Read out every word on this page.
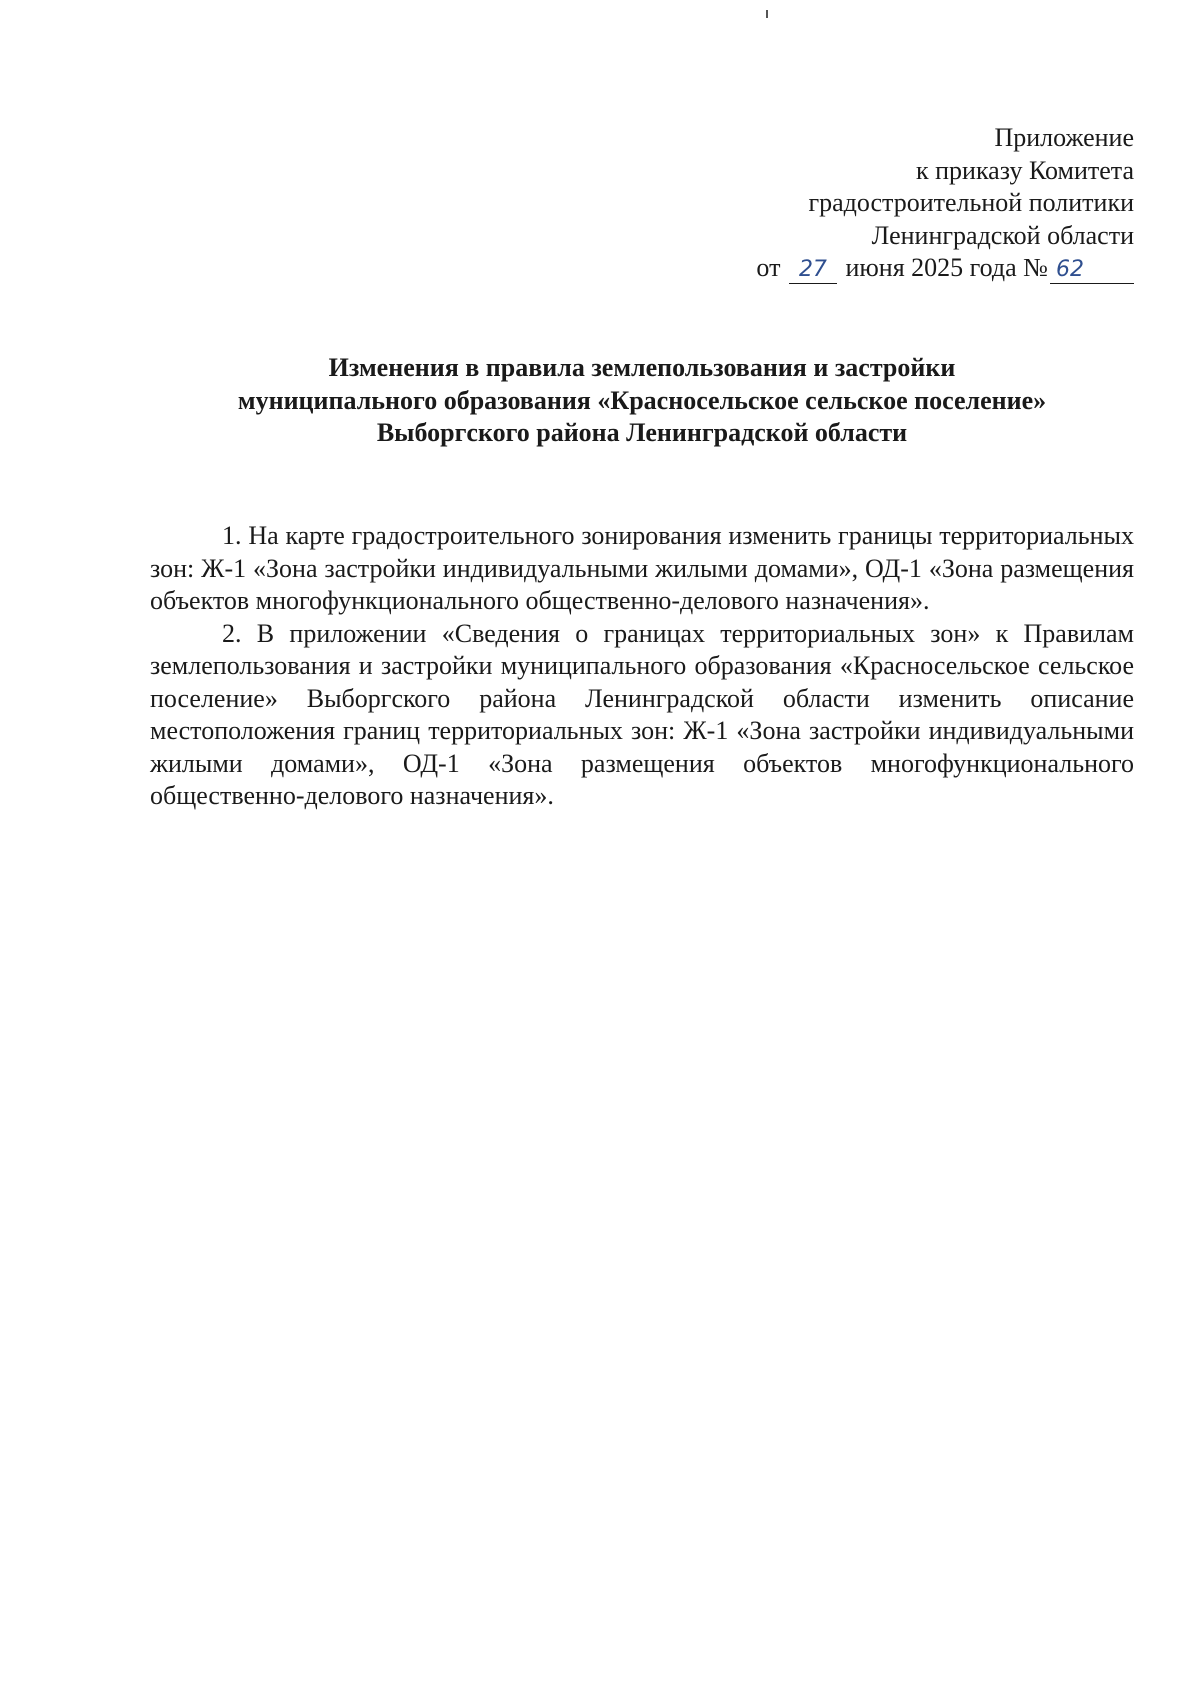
Приложение
к приказу Комитета
градостроительной политики
Ленинградской области
от 27 июня 2025 года № 62
Изменения в правила землепользования и застройки
муниципального образования «Красносельское сельское поселение»
Выборгского района Ленинградской области

1. На карте градостроительного зонирования изменить границы территориальных зон: Ж-1 «Зона застройки индивидуальными жилыми домами», ОД-1 «Зона размещения объектов многофункционального общественно-делового назначения».

2. В приложении «Сведения о границах территориальных зон» к Правилам землепользования и застройки муниципального образования «Красносельское сельское поселение» Выборгского района Ленинградской области изменить описание местоположения границ территориальных зон: Ж-1 «Зона застройки индивидуальными жилыми домами», ОД-1 «Зона размещения объектов многофункционального общественно-делового назначения».
